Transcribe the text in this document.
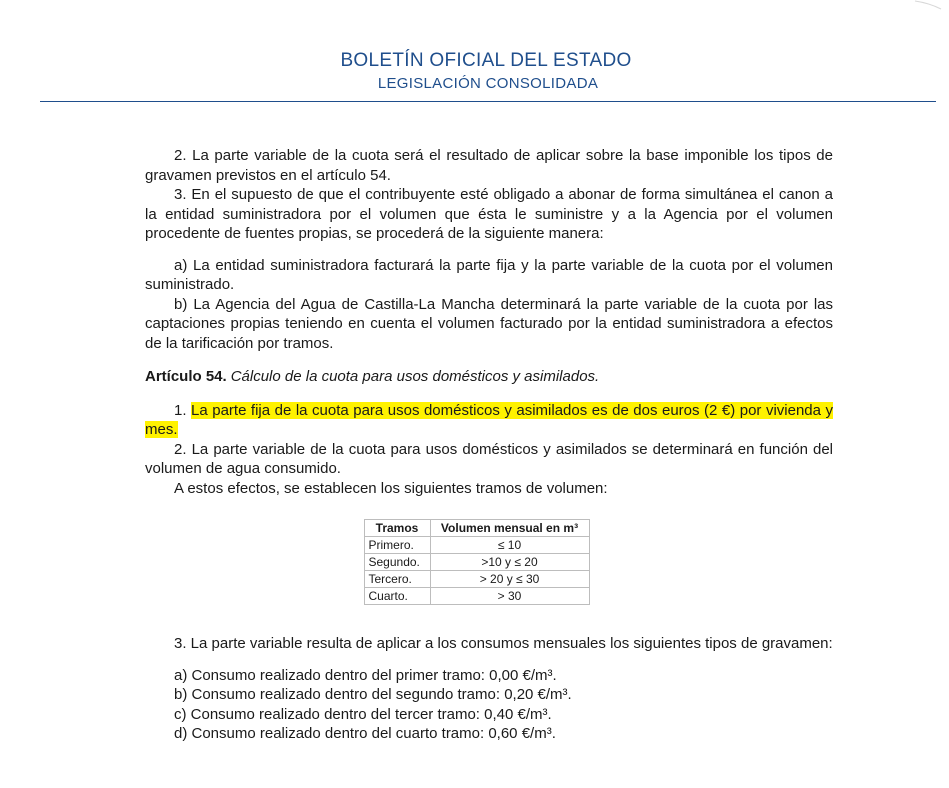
BOLETÍN OFICIAL DEL ESTADO
LEGISLACIÓN CONSOLIDADA

2. La parte variable de la cuota será el resultado de aplicar sobre la base imponible los tipos de gravamen previstos en el artículo 54.

3. En el supuesto de que el contribuyente esté obligado a abonar de forma simultánea el canon a la entidad suministradora por el volumen que ésta le suministre y a la Agencia por el volumen procedente de fuentes propias, se procederá de la siguiente manera:

a) La entidad suministradora facturará la parte fija y la parte variable de la cuota por el volumen suministrado.

b) La Agencia del Agua de Castilla-La Mancha determinará la parte variable de la cuota por las captaciones propias teniendo en cuenta el volumen facturado por la entidad suministradora a efectos de la tarificación por tramos.

Artículo 54. Cálculo de la cuota para usos domésticos y asimilados.

1. La parte fija de la cuota para usos domésticos y asimilados es de dos euros (2 €) por vivienda y mes.

2. La parte variable de la cuota para usos domésticos y asimilados se determinará en función del volumen de agua consumido.

A estos efectos, se establecen los siguientes tramos de volumen:

Tramos	Volumen mensual en m³
Primero.	≤ 10
Segundo.	>10 y ≤ 20
Tercero.	> 20 y ≤ 30
Cuarto.	> 30

3. La parte variable resulta de aplicar a los consumos mensuales los siguientes tipos de gravamen:

a) Consumo realizado dentro del primer tramo: 0,00 €/m³.

b) Consumo realizado dentro del segundo tramo: 0,20 €/m³.

c) Consumo realizado dentro del tercer tramo: 0,40 €/m³.

d) Consumo realizado dentro del cuarto tramo: 0,60 €/m³.
